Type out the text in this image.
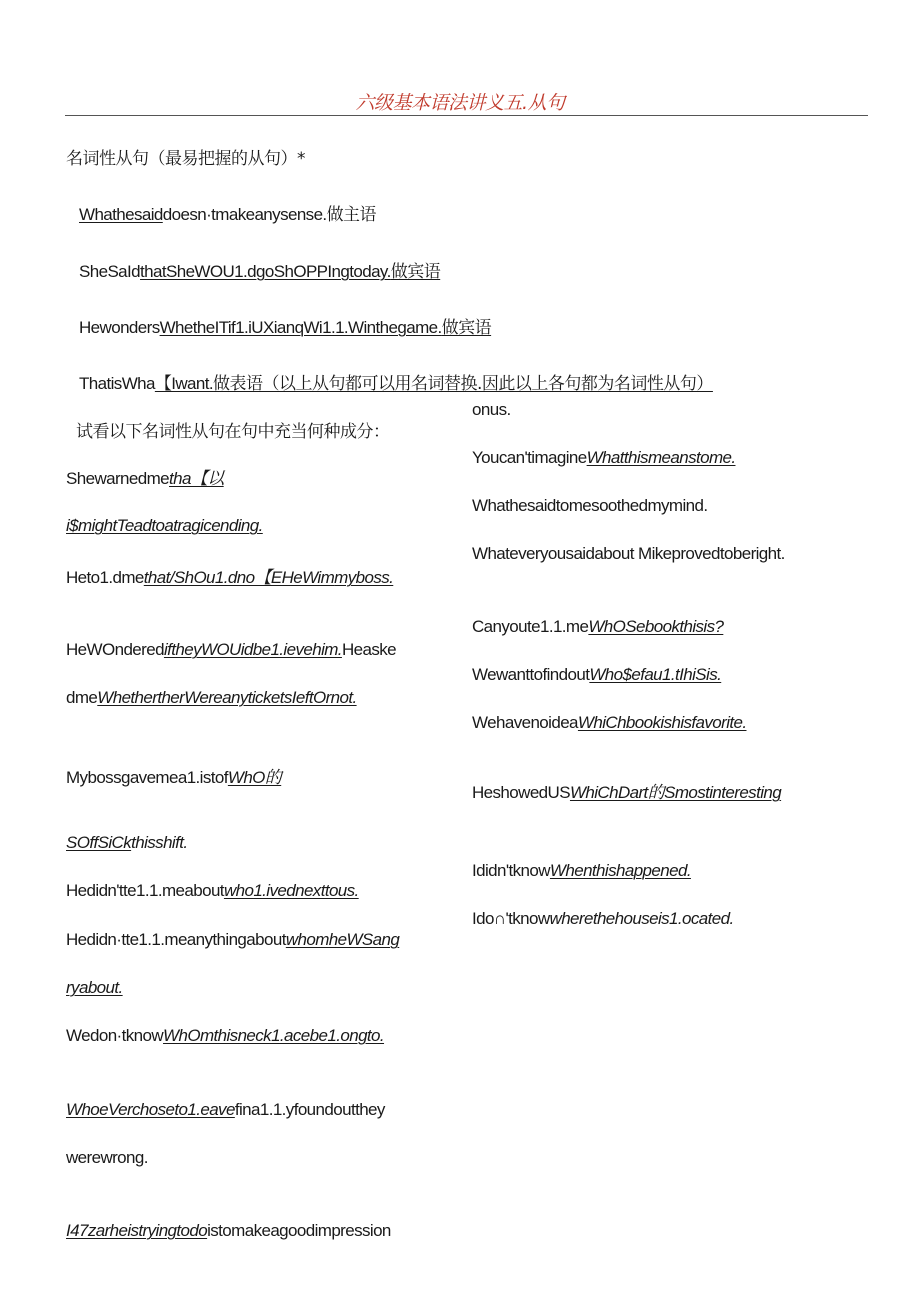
六级基本语法讲义五.从句
名词性从句（最易把握的从句）*
Whathesaiddoesn·tmakeanysense.做主语
SheSaIdthatSheWOU1.dgoShOPPIngtoday.做宾语
HewondersWhetheITif1.iUXianqWi1.1.Winthegame.做宾语
ThatisWha【Iwant.做表语（以上从句都可以用名词替换.因此以上各句都为名词性从句）
试看以下名词性从句在句中充当何种成分：
onus.
Shewarnedmetha【以
i$mightTeadtoatragicending.
Heto1.dmethat/ShOu1.dno【EHeWimmyboss.
HeWOnderediftheyWOUidbe1.ievehim.Heaske
dmeWhethertherWereanyticketsIeftOrnot.
Mybossgavemea1.istofWhO的
SOffSiCkthisshift.
Hedidn'tte1.1.meaboutwho1.ivednexttous.
Hedidn·tte1.1.meanythingaboutwhomheWSang
ryabout.
Wedon·tknowWhOmthisneck1.acebe1.ongto.
WhoeVerchoseto1.eavefina1.1.yfoundoutthey
werewrong.
I47zarheistryingtodoistomakeagoodimpression
Youcan'timagineWhatthismeanstome.
Whathesaidtomesoothedmymind.
Whateveryousaidabout Mikeprovedtoberight.
Canyoute1.1.meWhOSebookthisis?
WewanttofindoutWho$efau1.tIhiSis.
WehavenoideaWhiChbookishisfavorite.
HeshowedUSWhiChDart的Smostinteresting
Ididn'tknowWhenthishappened.
Ido∩'tknowwherethehouseis1.ocated.
